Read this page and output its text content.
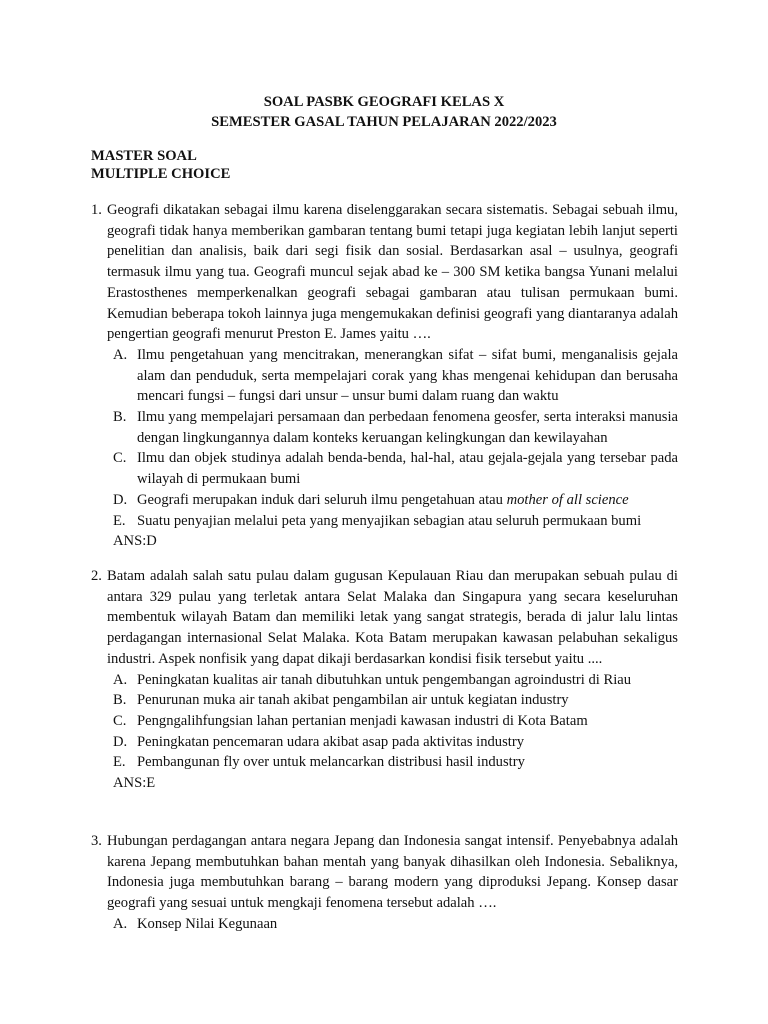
SOAL PASBK GEOGRAFI KELAS X
SEMESTER GASAL TAHUN PELAJARAN 2022/2023
MASTER SOAL
MULTIPLE CHOICE
1. Geografi dikatakan sebagai ilmu karena diselenggarakan secara sistematis. Sebagai sebuah ilmu, geografi tidak hanya memberikan gambaran tentang bumi tetapi juga kegiatan lebih lanjut seperti penelitian dan analisis, baik dari segi fisik dan sosial. Berdasarkan asal – usulnya, geografi termasuk ilmu yang tua. Geografi muncul sejak abad ke – 300 SM ketika bangsa Yunani melalui Erastosthenes memperkenalkan geografi sebagai gambaran atau tulisan permukaan bumi. Kemudian beberapa tokoh lainnya juga mengemukakan definisi geografi yang diantaranya adalah pengertian geografi menurut Preston E. James yaitu ….
A. Ilmu pengetahuan yang mencitrakan, menerangkan sifat – sifat bumi, menganalisis gejala alam dan penduduk, serta mempelajari corak yang khas mengenai kehidupan dan berusaha mencari fungsi – fungsi dari unsur – unsur bumi dalam ruang dan waktu
B. Ilmu yang mempelajari persamaan dan perbedaan fenomena geosfer, serta interaksi manusia dengan lingkungannya dalam konteks keruangan kelingkungan dan kewilayahan
C. Ilmu dan objek studinya adalah benda-benda, hal-hal, atau gejala-gejala yang tersebar pada wilayah di permukaan bumi
D. Geografi merupakan induk dari seluruh ilmu pengetahuan atau mother of all science
E. Suatu penyajian melalui peta yang menyajikan sebagian atau seluruh permukaan bumi
ANS:D
2. Batam adalah salah satu pulau dalam gugusan Kepulauan Riau dan merupakan sebuah pulau di antara 329 pulau yang terletak antara Selat Malaka dan Singapura yang secara keseluruhan membentuk wilayah Batam dan memiliki letak yang sangat strategis, berada di jalur lalu lintas perdagangan internasional Selat Malaka. Kota Batam merupakan kawasan pelabuhan sekaligus industri. Aspek nonfisik yang dapat dikaji berdasarkan kondisi fisik tersebut yaitu ....
A. Peningkatan kualitas air tanah dibutuhkan untuk pengembangan agroindustri di Riau
B. Penurunan muka air tanah akibat pengambilan air untuk kegiatan industry
C. Pengngalihfungsian lahan pertanian menjadi kawasan industri di Kota Batam
D. Peningkatan pencemaran udara akibat asap pada aktivitas industry
E. Pembangunan fly over untuk melancarkan distribusi hasil industry
ANS:E
3. Hubungan perdagangan antara negara Jepang dan Indonesia sangat intensif. Penyebabnya adalah karena Jepang membutuhkan bahan mentah yang banyak dihasilkan oleh Indonesia. Sebaliknya, Indonesia juga membutuhkan barang – barang modern yang diproduksi Jepang. Konsep dasar geografi yang sesuai untuk mengkaji fenomena tersebut adalah ….
A. Konsep Nilai Kegunaan
